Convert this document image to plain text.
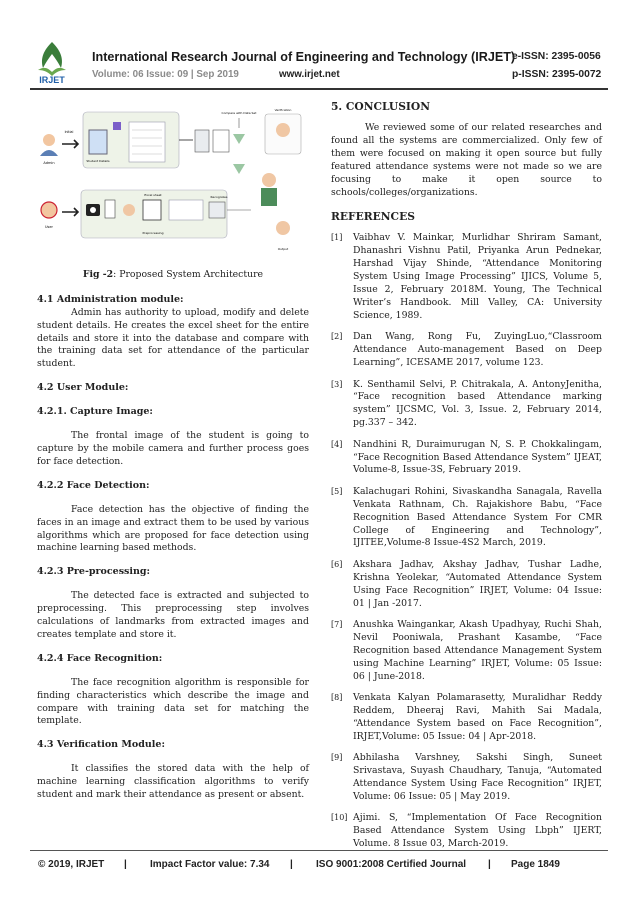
IRJET
International Research Journal of Engineering and Technology (IRJET)
e-ISSN: 2395-0056
Volume: 06 Issue: 09 | Sep 2019	www.irjet.net	p-ISSN: 2395-0072
Admin
Initial
Student Details
Compare with Data Set
Verification
User
Preprocessing
Recognizes
Output
Excel sheet
Fig -2: Proposed System Architecture
4.1 Administration module:

Admin has authority to upload, modify and delete student details. He creates the excel sheet for the entire details and store it into the database and compare with the training data set for attendance of the particular student.

4.2 User Module:
4.2.1. Capture Image:

The frontal image of the student is going to capture by the mobile camera and further process goes for face detection.

4.2.2 Face Detection:

Face detection has the objective of finding the faces in an image and extract them to be used by various algorithms which are proposed for face detection using machine learning based methods.

4.2.3 Pre-processing:

The detected face is extracted and subjected to preprocessing. This preprocessing step involves calculations of landmarks from extracted images and creates template and store it.

4.2.4 Face Recognition:

The face recognition algorithm is responsible for finding characteristics which describe the image and compare with training data set for matching the template.

4.3 Verification Module:

It classifies the stored data with the help of machine learning classification algorithms to verify student and mark their attendance as present or absent.

5. CONCLUSION

We reviewed some of our related researches and found all the systems are commercialized. Only few of them were focused on making it open source but fully featured attendance systems were not made so we are focusing to make it open source to schools/colleges/organizations.

REFERENCES
[1] Vaibhav V. Mainkar, Murlidhar Shriram Samant, Dhanashri Vishnu Patil, Priyanka Arun Pednekar, Harshad Vijay Shinde, “Attendance Monitoring System Using Image Processing” IJICS, Volume 5, Issue 2, February 2018M. Young, The Technical Writer’s Handbook. Mill Valley, CA: University Science, 1989.
[2] Dan Wang, Rong Fu, ZuyingLuo,“Classroom Attendance Auto-management Based on Deep Learning”, ICESAME 2017, volume 123.
[3] K. Senthamil Selvi, P. Chitrakala, A. AntonyJenitha, “Face recognition based Attendance marking system” IJCSMC, Vol. 3, Issue. 2, February 2014, pg.337 – 342.
[4] Nandhini R, Duraimurugan N, S. P. Chokkalingam, “Face Recognition Based Attendance System” IJEAT, Volume-8, Issue-3S, February 2019.
[5] Kalachugari Rohini, Sivaskandha Sanagala, Ravella Venkata Rathnam, Ch. Rajakishore Babu, “Face Recognition Based Attendance System For CMR College of Engineering and Technology”, IJITEE,Volume-8 Issue-4S2 March, 2019.
[6] Akshara Jadhav, Akshay Jadhav, Tushar Ladhe, Krishna Yeolekar, “Automated Attendance System Using Face Recognition” IRJET, Volume: 04 Issue: 01 | Jan -2017.
[7] Anushka Waingankar, Akash Upadhyay, Ruchi Shah, Nevil Pooniwala, Prashant Kasambe, “Face Recognition based Attendance Management System using Machine Learning” IRJET, Volume: 05 Issue: 06 | June-2018.
[8] Venkata Kalyan Polamarasetty, Muralidhar Reddy Reddem, Dheeraj Ravi, Mahith Sai Madala, “Attendance System based on Face Recognition”, IRJET,Volume: 05 Issue: 04 | Apr-2018.
[9] Abhilasha Varshney, Sakshi Singh, Suneet Srivastava, Suyash Chaudhary, Tanuja, “Automated Attendance System Using Face Recognition” IRJET, Volume: 06 Issue: 05 | May 2019.
[10] Ajimi. S, “Implementation Of Face Recognition Based Attendance System Using Lbph” IJERT, Volume. 8 Issue 03, March-2019.
© 2019, IRJET | Impact Factor value: 7.34 | ISO 9001:2008 Certified Journal | Page 1849
